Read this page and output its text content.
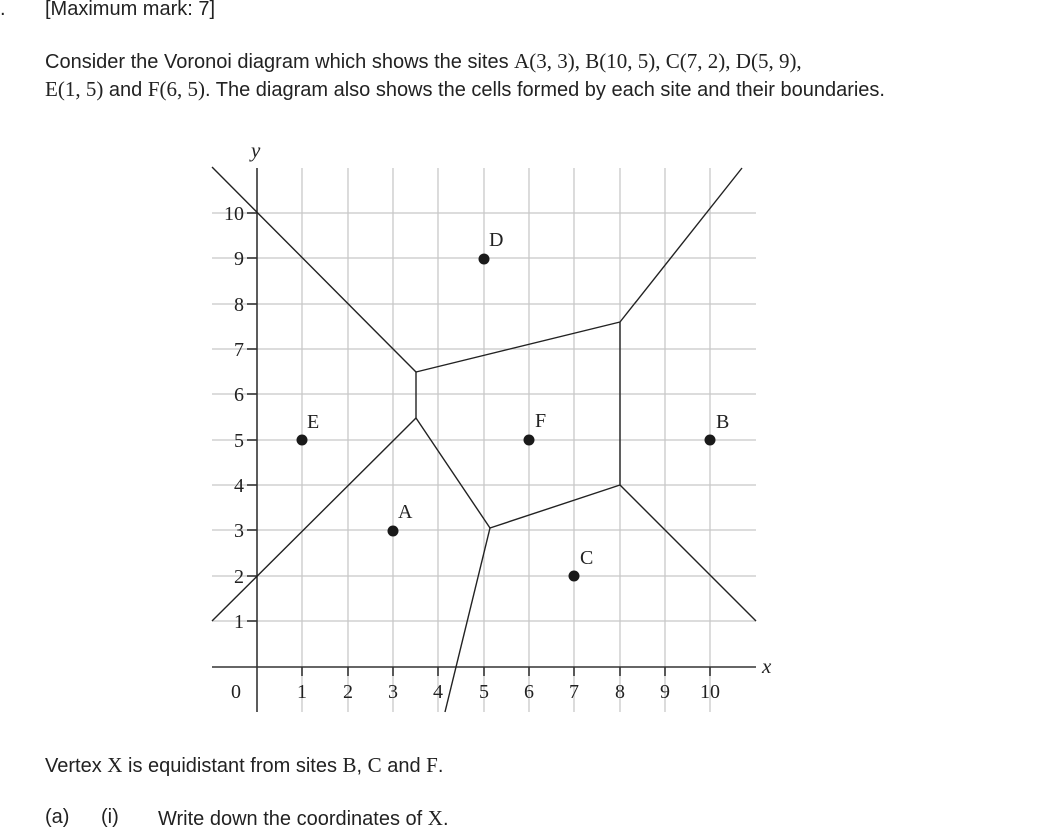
. [Maximum mark: 7]
Consider the Voronoi diagram which shows the sites A(3, 3), B(10, 5), C(7, 2), D(5, 9),
E(1, 5) and F(6, 5). The diagram also shows the cells formed by each site and their boundaries.
0	1 2 3 4 5 6 7 8 9 10
1
2
3
4
5
6
7
8
9
10
y
x
A
B
C
D
E	F
Vertex X is equidistant from sites B, C and F.
(a) (i) Write down the coordinates of X.
